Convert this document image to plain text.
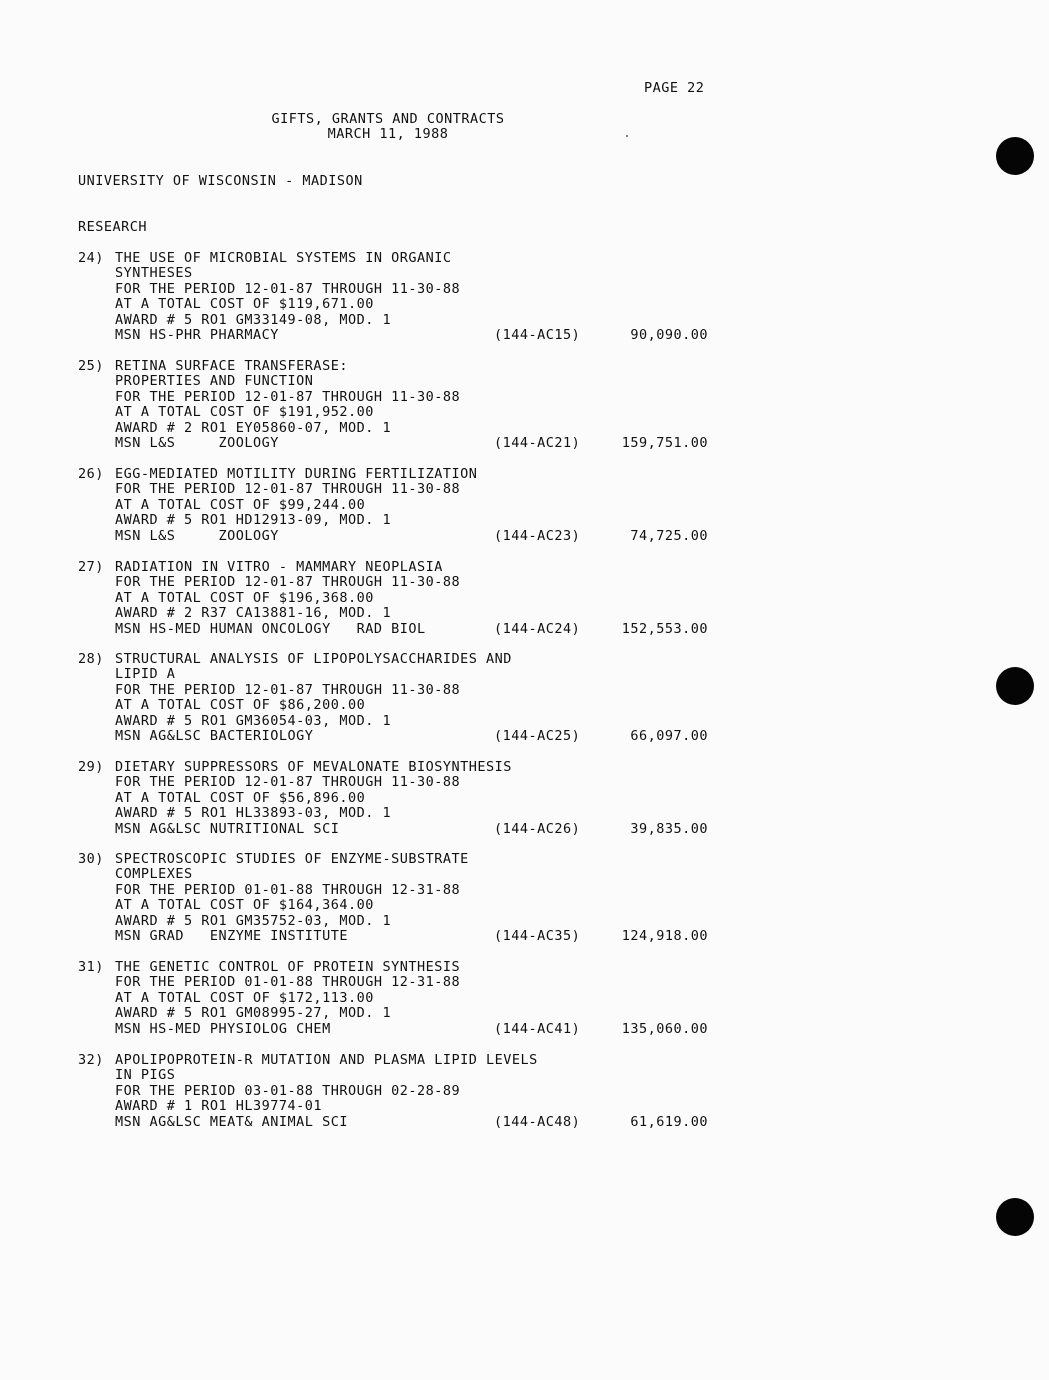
PAGE 22
GIFTS, GRANTS AND CONTRACTS
MARCH 11, 1988
UNIVERSITY OF WISCONSIN - MADISON
RESEARCH
24) THE USE OF MICROBIAL SYSTEMS IN ORGANIC
SYNTHESES
FOR THE PERIOD 12-01-87 THROUGH 11-30-88
AT A TOTAL COST OF $119,671.00
AWARD # 5 RO1 GM33149-08, MOD. 1
MSN HS-PHR PHARMACY	(144-AC15)	90,090.00
25) RETINA SURFACE TRANSFERASE:
PROPERTIES AND FUNCTION
FOR THE PERIOD 12-01-87 THROUGH 11-30-88
AT A TOTAL COST OF $191,952.00
AWARD # 2 RO1 EY05860-07, MOD. 1
MSN L&S     ZOOLOGY	(144-AC21)	159,751.00
26) EGG-MEDIATED MOTILITY DURING FERTILIZATION
FOR THE PERIOD 12-01-87 THROUGH 11-30-88
AT A TOTAL COST OF $99,244.00
AWARD # 5 RO1 HD12913-09, MOD. 1
MSN L&S     ZOOLOGY	(144-AC23)	74,725.00
27) RADIATION IN VITRO - MAMMARY NEOPLASIA
FOR THE PERIOD 12-01-87 THROUGH 11-30-88
AT A TOTAL COST OF $196,368.00
AWARD # 2 R37 CA13881-16, MOD. 1
MSN HS-MED HUMAN ONCOLOGY   RAD BIOL	(144-AC24)	152,553.00
28) STRUCTURAL ANALYSIS OF LIPOPOLYSACCHARIDES AND
LIPID A
FOR THE PERIOD 12-01-87 THROUGH 11-30-88
AT A TOTAL COST OF $86,200.00
AWARD # 5 RO1 GM36054-03, MOD. 1
MSN AG&LSC BACTERIOLOGY	(144-AC25)	66,097.00
29) DIETARY SUPPRESSORS OF MEVALONATE BIOSYNTHESIS
FOR THE PERIOD 12-01-87 THROUGH 11-30-88
AT A TOTAL COST OF $56,896.00
AWARD # 5 RO1 HL33893-03, MOD. 1
MSN AG&LSC NUTRITIONAL SCI	(144-AC26)	39,835.00
30) SPECTROSCOPIC STUDIES OF ENZYME-SUBSTRATE
COMPLEXES
FOR THE PERIOD 01-01-88 THROUGH 12-31-88
AT A TOTAL COST OF $164,364.00
AWARD # 5 RO1 GM35752-03, MOD. 1
MSN GRAD   ENZYME INSTITUTE	(144-AC35)	124,918.00
31) THE GENETIC CONTROL OF PROTEIN SYNTHESIS
FOR THE PERIOD 01-01-88 THROUGH 12-31-88
AT A TOTAL COST OF $172,113.00
AWARD # 5 RO1 GM08995-27, MOD. 1
MSN HS-MED PHYSIOLOG CHEM	(144-AC41)	135,060.00
32) APOLIPOPROTEIN-R MUTATION AND PLASMA LIPID LEVELS
IN PIGS
FOR THE PERIOD 03-01-88 THROUGH 02-28-89
AWARD # 1 RO1 HL39774-01
MSN AG&LSC MEAT& ANIMAL SCI	(144-AC48)	61,619.00
